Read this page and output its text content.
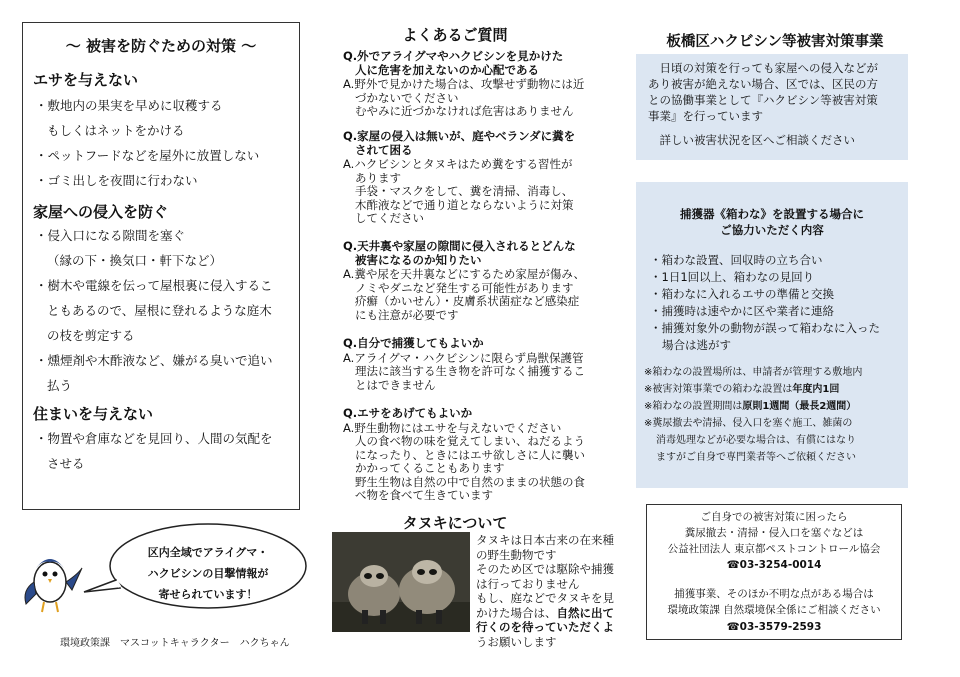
～ 被害を防ぐための対策 ～
エサを与えない
・敷地内の果実を早めに収穫する
もしくはネットをかける
・ペットフードなどを屋外に放置しない
・ゴミ出しを夜間に行わない
家屋への侵入を防ぐ
・侵入口になる隙間を塞ぐ
（縁の下・換気口・軒下など）
・樹木や電線を伝って屋根裏に侵入するこ
ともあるので、屋根に登れるような庭木
の枝を剪定する
・燻煙剤や木酢液など、嫌がる臭いで追い
払う
住まいを与えない
・物置や倉庫などを見回り、人間の気配を
させる
よくあるご質問
Q.外でアライグマやハクビシンを見かけた
人に危害を加えないのか心配である
A.野外で見かけた場合は、攻撃せず動物には近
づかないでください
むやみに近づかなければ危害はありません
Q.家屋の侵入は無いが、庭やベランダに糞を
されて困る
A.ハクビシンとタヌキはため糞をする習性が
あります
手袋・マスクをして、糞を清掃、消毒し、
木酢液などで通り道とならないように対策
してください
Q.天井裏や家屋の隙間に侵入されるとどんな
被害になるのか知りたい
A.糞や尿を天井裏などにするため家屋が傷み、
ノミやダニなど発生する可能性があります
疥癬（かいせん）・皮膚系状菌症など感染症
にも注意が必要です
Q.自分で捕獲してもよいか
A.アライグマ・ハクビシンに限らず鳥獣保護管
理法に該当する生き物を許可なく捕獲するこ
とはできません
Q.エサをあげてもよいか
A.野生動物にはエサを与えないでください
人の食べ物の味を覚えてしまい、ねだるよう
になったり、ときにはエサ欲しさに人に襲い
かかってくることもあります
野生生物は自然の中で自然のままの状態の食
べ物を食べて生きています
タヌキについて
タヌキは日本古来の在来種
の野生動物です
そのため区では駆除や捕獲
は行っておりません
もし、庭などでタヌキを見
かけた場合は、自然に出て
行くのを待っていただくよ
うお願いします
板橋区ハクビシン等被害対策事業
　日頃の対策を行っても家屋への侵入などが
あり被害が絶えない場合、区では、区民の方
との協働事業として『ハクビシン等被害対策
事業』を行っています
　詳しい被害状況を区へご相談ください
捕獲器《箱わな》を設置する場合に
ご協力いただく内容
・箱わな設置、回収時の立ち合い
・1日1回以上、箱わなの見回り
・箱わなに入れるエサの準備と交換
・捕獲時は速やかに区や業者に連絡
・捕獲対象外の動物が誤って箱わなに入った
場合は逃がす
※箱わなの設置場所は、申請者が管理する敷地内
※被害対策事業での箱わな設置は年度内1回
※箱わなの設置期間は原則1週間（最長2週間）
※糞尿撤去や清掃、侵入口を塞ぐ施工、雑菌の
消毒処理などが必要な場合は、有償にはなり
ますがご自身で専門業者等へご依頼ください
ご自身での被害対策に困ったら
糞尿撤去・清掃・侵入口を塞ぐなどは
公益社団法人 東京都ペストコントロール協会
☎03-3254-0014
捕獲事業、そのほか不明な点がある場合は
環境政策課 自然環境保全係にご相談ください
☎03-3579-2593
区内全域でアライグマ・
ハクビシンの目撃情報が
寄せられています！
環境政策課　マスコットキャラクター　ハクちゃん
